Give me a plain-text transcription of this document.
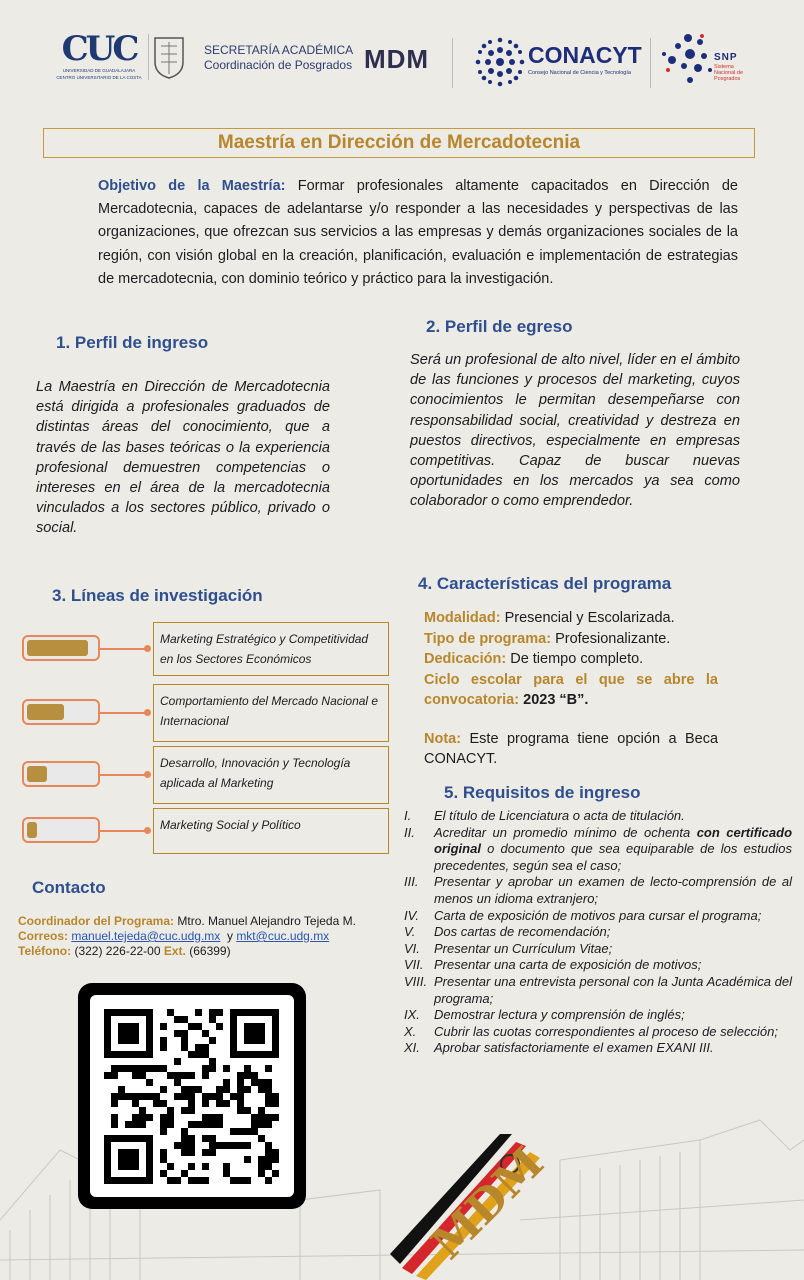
CUC
UNIVERSIDAD DE GUADALAJARA
CENTRO UNIVERSITARIO DE LA COSTA
SECRETARÍA ACADÉMICA
Coordinación de Posgrados MDM	CONACYT
Consejo Nacional de Ciencia y Tecnología
SNP
Sistema
Nacional de
Posgrados
Maestría en Dirección de Mercadotecnia
Objetivo de la Maestría: Formar profesionales altamente capacitados en Dirección de Mercadotecnia, capaces de adelantarse y/o responder a las necesidades y perspectivas de las organizaciones, que ofrezcan sus servicios a las empresas y demás organizaciones sociales de la región, con visión global en la creación, planificación, evaluación e implementación de estrategias de mercadotecnia, con dominio teórico y práctico para la investigación.
1. Perfil de ingreso
La Maestría en Dirección de Mercadotecnia está dirigida a profesionales graduados de distintas áreas del conocimiento, que a través de las bases teóricas o la experiencia profesional demuestren competencias o intereses en el área de la mercadotecnia vinculados a los sectores público, privado o social.
2. Perfil de egreso
Será un profesional de alto nivel, líder en el ámbito de las funciones y procesos del marketing, cuyos conocimientos le permitan desempeñarse con responsabilidad social, creatividad y destreza en puestos directivos, especialmente en empresas competitivas. Capaz de buscar nuevas oportunidades en los mercados ya sea como colaborador o como emprendedor.
3. Líneas de investigación
Marketing Estratégico y Competitividad en los Sectores Económicos
Comportamiento del Mercado Nacional e Internacional
Desarrollo, Innovación y Tecnología aplicada al Marketing
Marketing Social y Político
4. Características del programa
Modalidad: Presencial y Escolarizada.
Tipo de programa: Profesionalizante.
Dedicación: De tiempo completo.
Ciclo escolar para el que se abre la convocatoria: 2023 “B”.
Nota: Este programa tiene opción a Beca CONACYT.
5. Requisitos de ingreso
I.	El título de Licenciatura o acta de titulación.
II.	Acreditar un promedio mínimo de ochenta con certificado original o documento que sea equiparable de los estudios precedentes, según sea el caso;
III.	Presentar y aprobar un examen de lecto-comprensión de al menos un idioma extranjero;
IV.	Carta de exposición de motivos para cursar el programa;
V.	Dos cartas de recomendación;
VI.	Presentar un Currículum Vitae;
VII. Presentar una carta de exposición de motivos;
VIII. Presentar una entrevista personal con la Junta Académica del programa;
IX.	Demostrar lectura y comprensión de inglés;
X.	Cubrir las cuotas correspondientes al proceso de selección;
XI.	Aprobar satisfactoriamente el examen EXANI III.
Contacto
Coordinador del Programa: Mtro. Manuel Alejandro Tejeda M.
Correos: manuel.tejeda@cuc.udg.mx y mkt@cuc.udg.mx
Teléfono: (322) 226-22-00 Ext. (66399)
MDM
